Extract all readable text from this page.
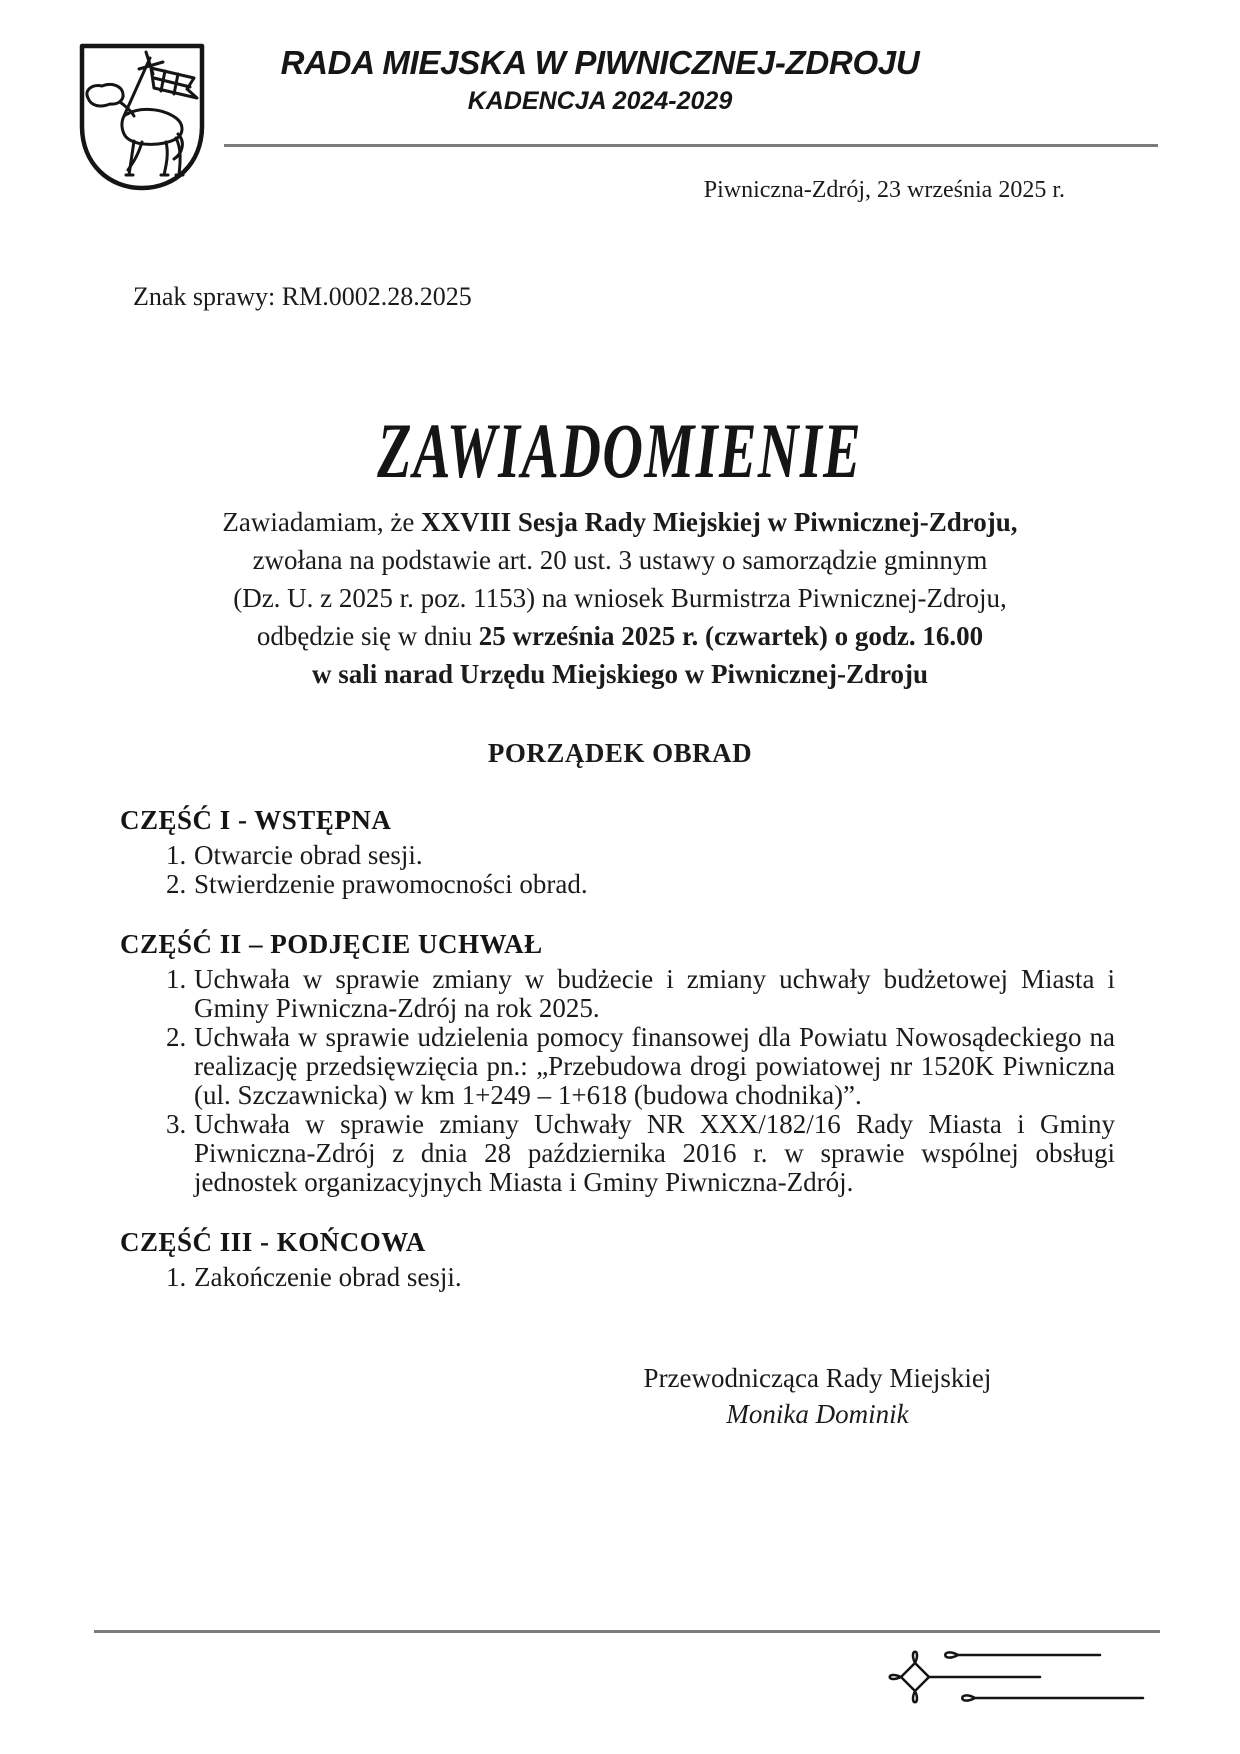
RADA MIEJSKA W PIWNICZNEJ-ZDROJU
KADENCJA 2024-2029
Piwniczna-Zdrój, 23 września 2025 r.
Znak sprawy: RM.0002.28.2025
ZAWIADOMIENIE
Zawiadamiam, że XXVIII Sesja Rady Miejskiej w Piwnicznej-Zdroju,
zwołana na podstawie art. 20 ust. 3 ustawy o samorządzie gminnym
(Dz. U. z 2025 r. poz. 1153) na wniosek Burmistrza Piwnicznej-Zdroju,
odbędzie się w dniu 25 września 2025 r. (czwartek) o godz. 16.00
w sali narad Urzędu Miejskiego w Piwnicznej-Zdroju
PORZĄDEK OBRAD
CZĘŚĆ I - WSTĘPNA
1. Otwarcie obrad sesji.
2. Stwierdzenie prawomocności obrad.
CZĘŚĆ II – PODJĘCIE UCHWAŁ
1. Uchwała w sprawie zmiany w budżecie i zmiany uchwały budżetowej Miasta i Gminy Piwniczna-Zdrój na rok 2025.
2. Uchwała w sprawie udzielenia pomocy finansowej dla Powiatu Nowosądeckiego na realizację przedsięwzięcia pn.: „Przebudowa drogi powiatowej nr 1520K Piwniczna (ul. Szczawnicka) w km 1+249 – 1+618 (budowa chodnika)”.
3. Uchwała w sprawie zmiany Uchwały NR XXX/182/16 Rady Miasta i Gminy Piwniczna-Zdrój z dnia 28 października 2016 r. w sprawie wspólnej obsługi jednostek organizacyjnych Miasta i Gminy Piwniczna-Zdrój.
CZĘŚĆ III - KOŃCOWA
1. Zakończenie obrad sesji.
Przewodnicząca Rady Miejskiej
Monika Dominik
